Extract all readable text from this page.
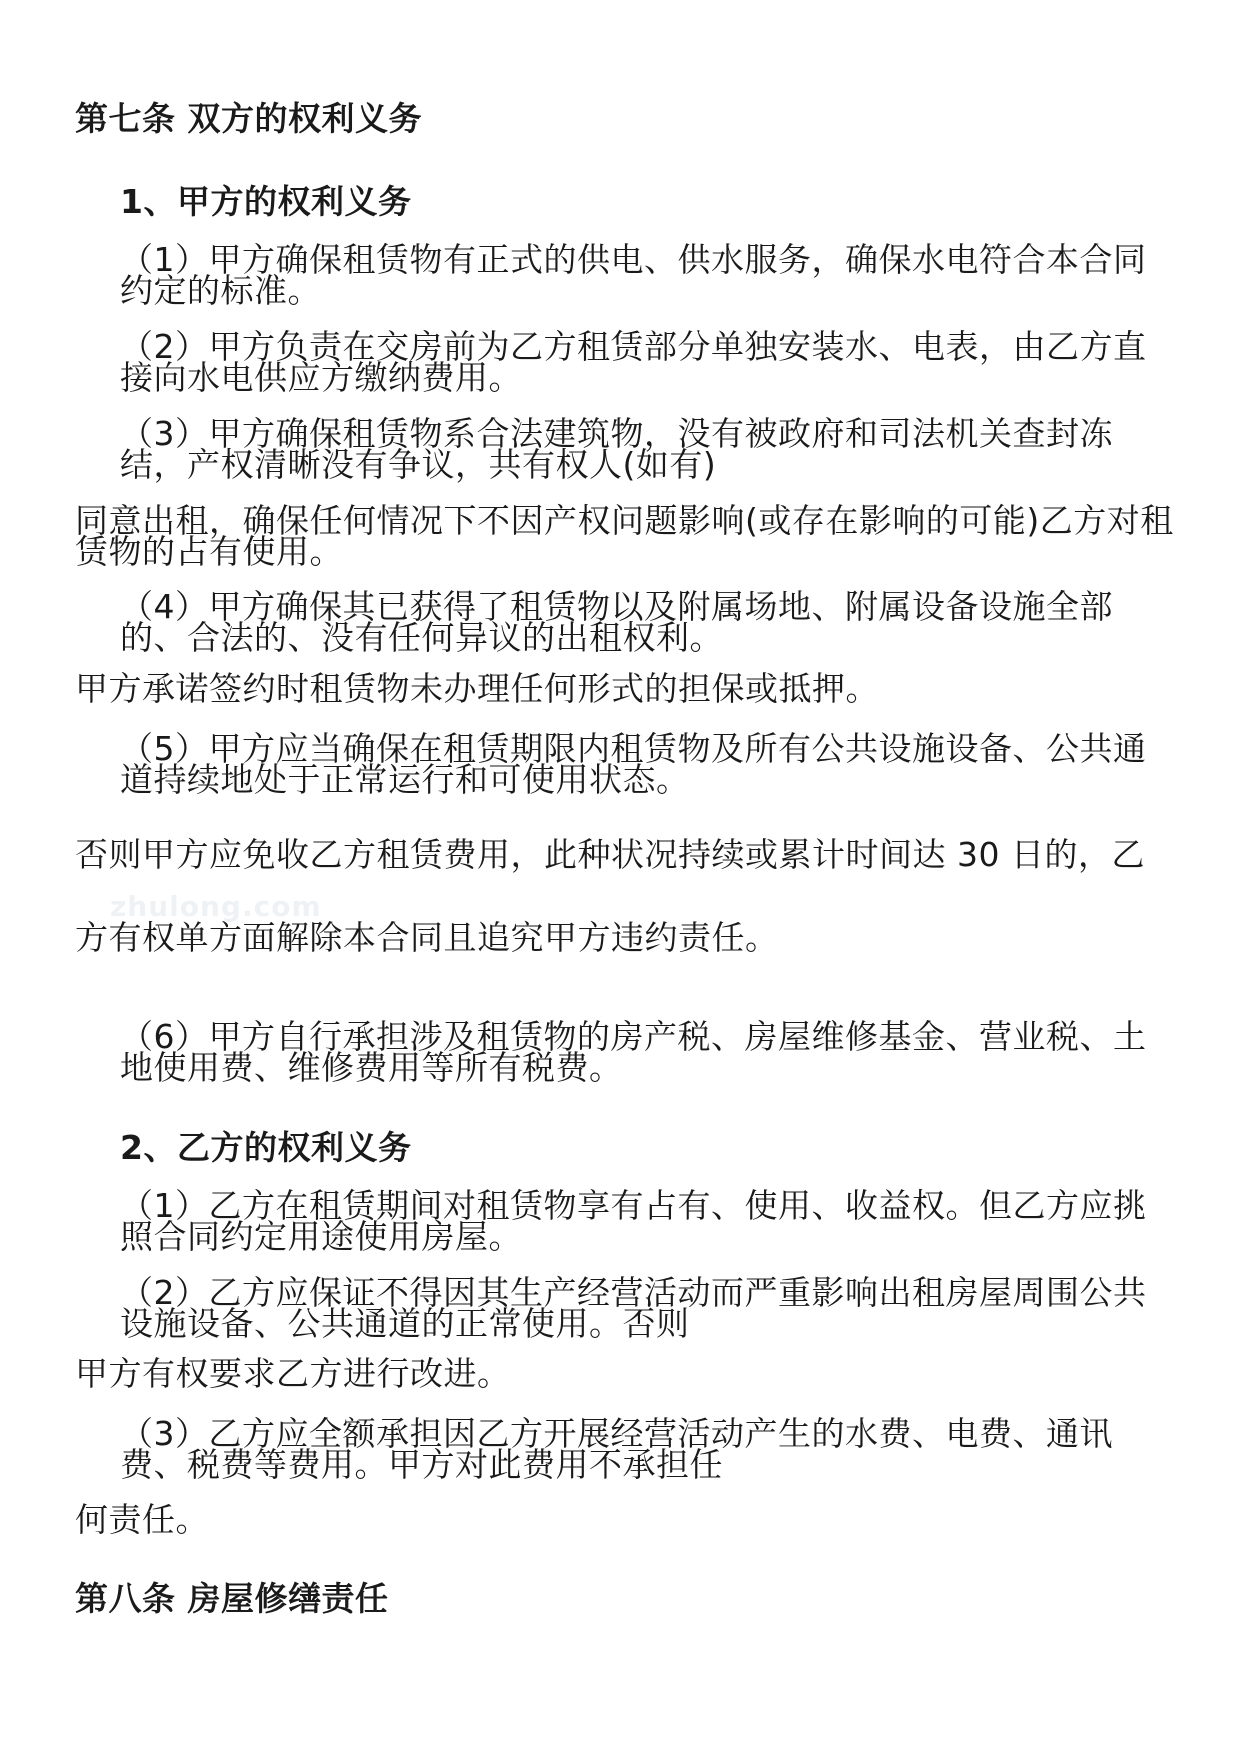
第七条 双方的权利义务
1、甲方的权利义务
（1）甲方确保租赁物有正式的供电、供水服务，确保水电符合本合同
约定的标准。
（2）甲方负责在交房前为乙方租赁部分单独安装水、电表，由乙方直
接向水电供应方缴纳费用。
（3）甲方确保租赁物系合法建筑物，没有被政府和司法机关查封冻
结，产权清晰没有争议，共有权人(如有)
同意出租，确保任何情况下不因产权问题影响(或存在影响的可能)乙方对租
赁物的占有使用。
（4）甲方确保其已获得了租赁物以及附属场地、附属设备设施全部
的、合法的、没有任何异议的出租权利。
甲方承诺签约时租赁物未办理任何形式的担保或抵押。
（5）甲方应当确保在租赁期限内租赁物及所有公共设施设备、公共通
道持续地处于正常运行和可使用状态。
否则甲方应免收乙方租赁费用，此种状况持续或累计时间达 30 日的，乙
zhulong.com
方有权单方面解除本合同且追究甲方违约责任。
（6）甲方自行承担涉及租赁物的房产税、房屋维修基金、营业税、土
地使用费、维修费用等所有税费。
2、乙方的权利义务
（1）乙方在租赁期间对租赁物享有占有、使用、收益权。但乙方应挑
照合同约定用途使用房屋。
（2）乙方应保证不得因其生产经营活动而严重影响出租房屋周围公共
设施设备、公共通道的正常使用。否则
甲方有权要求乙方进行改进。
（3）乙方应全额承担因乙方开展经营活动产生的水费、电费、通讯
费、税费等费用。甲方对此费用不承担任
何责任。
第八条 房屋修缮责任
